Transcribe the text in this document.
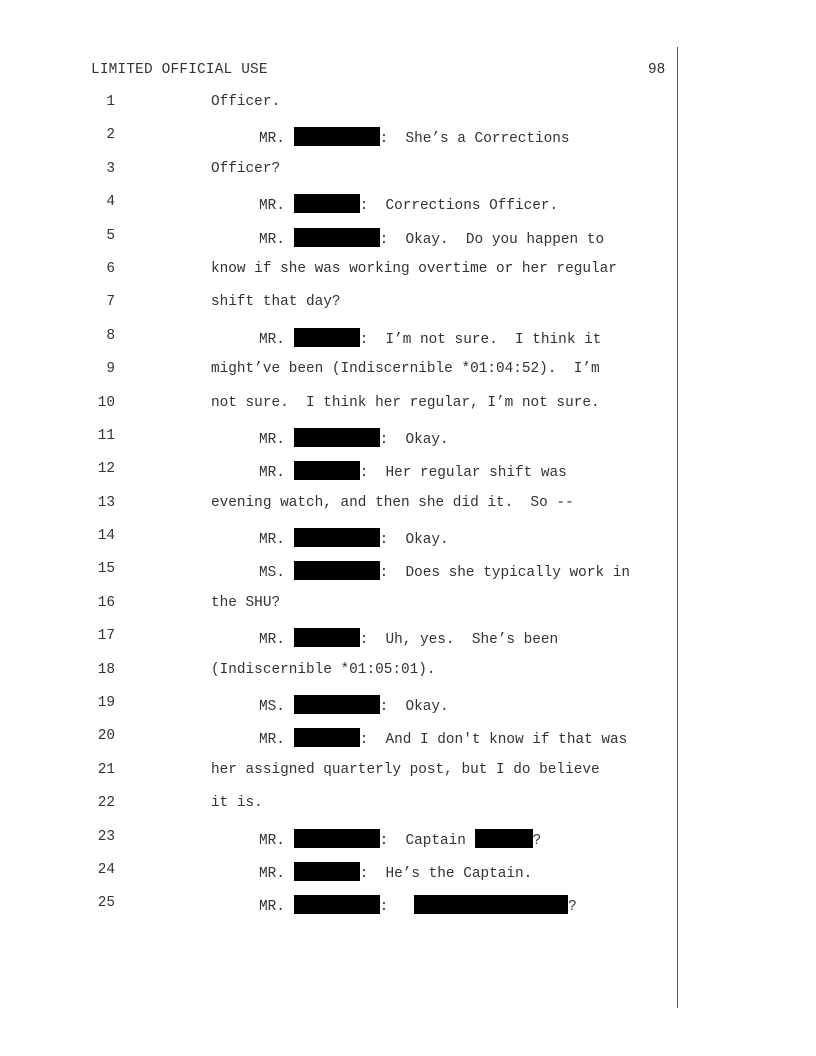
LIMITED OFFICIAL USE	98
1	Officer.
2	MR.	:  She’s a Corrections
3	Officer?
4	MR.	:  Corrections Officer.
5	MR.	:  Okay.  Do you happen to
6	know if she was working overtime or her regular
7	shift that day?
8	MR.	:  I’m not sure.  I think it
9	might’ve been (Indiscernible *01:04:52).  I’m
10	not sure.  I think her regular, I’m not sure.
11	MR.	:  Okay.
12	MR.	:  Her regular shift was
13	evening watch, and then she did it.  So --
14	MR.	:  Okay.
15	MS.	:  Does she typically work in
16	the SHU?
17	MR.	:  Uh, yes.  She’s been
18	(Indiscernible *01:05:01).
19	MS.	:  Okay.
20	MR.	:  And I don't know if that was
21	her assigned quarterly post, but I do believe
22	it is.
23	MR.	:  Captain	?
24	MR.	:  He’s the Captain.
25	MR.	:	?
